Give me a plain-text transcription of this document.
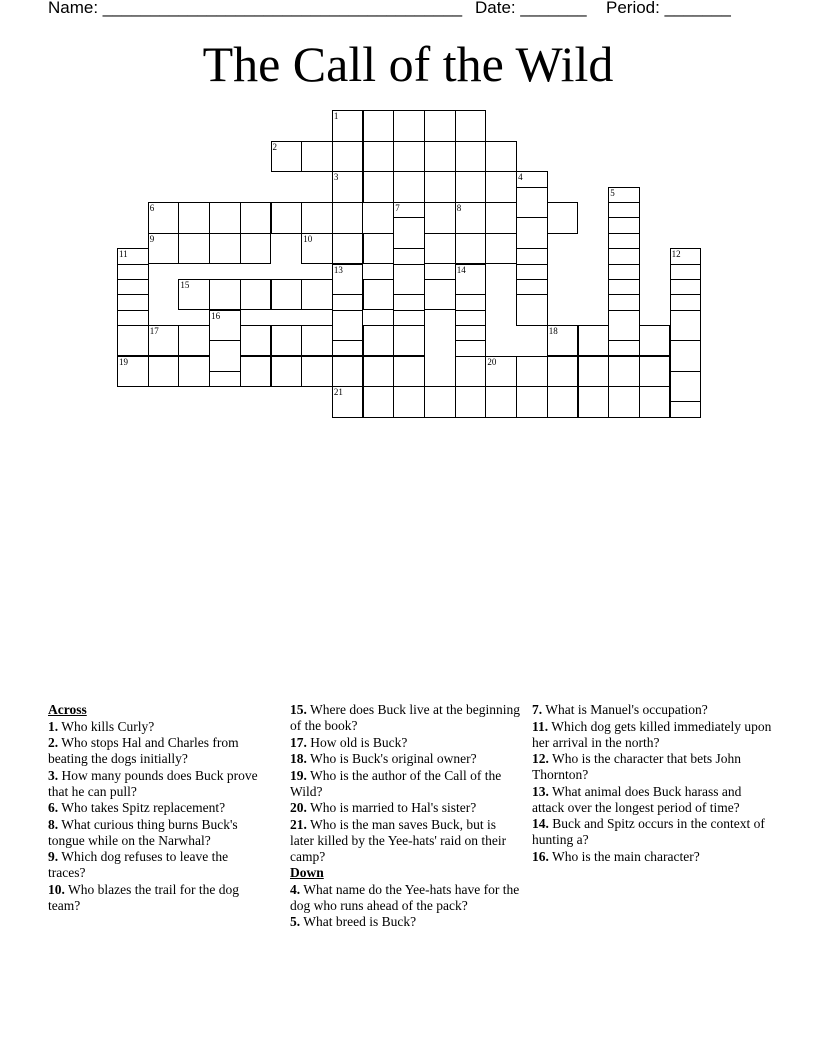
Name: ______________________________________ Date: _______ Period: _______
The Call of the Wild
1
2
3
6	8
9	10
15
17	18
19	20
21
4
5
7
11	12
13	14
16
Across
1. Who kills Curly?
2. Who stops Hal and Charles from beating the dogs initially?
3. How many pounds does Buck prove that he can pull?
6. Who takes Spitz replacement?
8. What curious thing burns Buck's tongue while on the Narwhal?
9. Which dog refuses to leave the traces?
10. Who blazes the trail for the dog team?
15. Where does Buck live at the beginning of the book?
17. How old is Buck?
18. Who is Buck's original owner?
19. Who is the author of the Call of the Wild?
20. Who is married to Hal's sister?
21. Who is the man saves Buck, but is later killed by the Yee-hats' raid on their camp?
Down
4. What name do the Yee-hats have for the dog who runs ahead of the pack?
5. What breed is Buck?
7. What is Manuel's occupation?
11. Which dog gets killed immediately upon her arrival in the north?
12. Who is the character that bets John Thornton?
13. What animal does Buck harass and attack over the longest period of time?
14. Buck and Spitz occurs in the context of hunting a?
16. Who is the main character?
